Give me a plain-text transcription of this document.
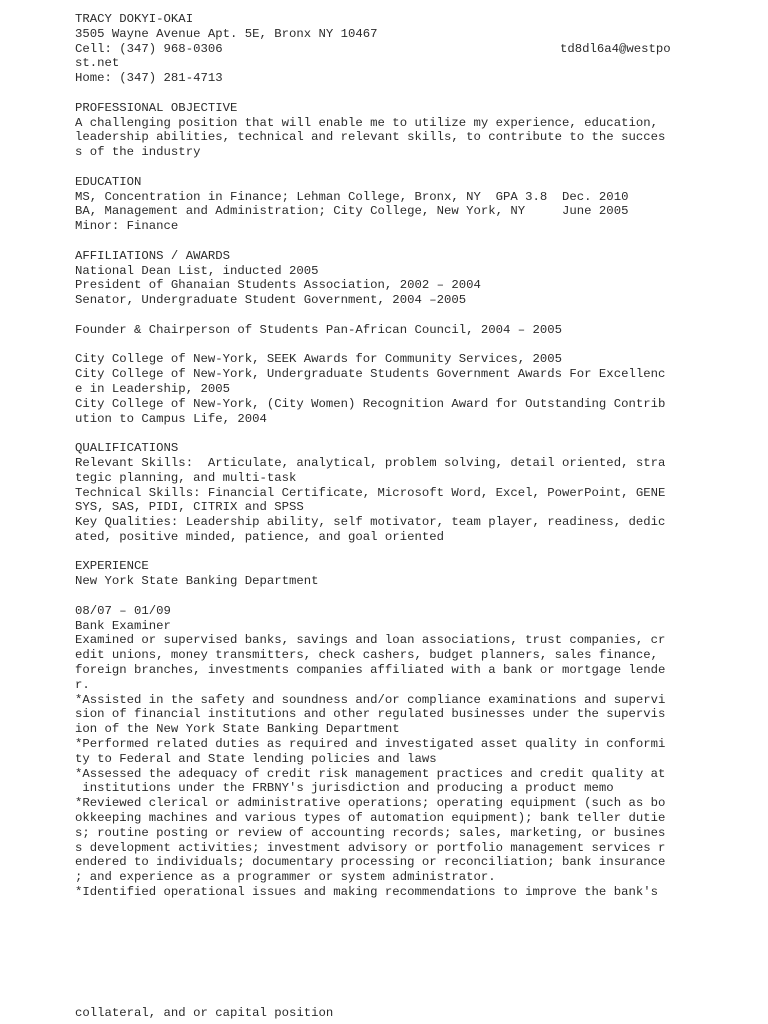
TRACY DOKYI-OKAI
3505 Wayne Avenue Apt. 5E, Bronx NY 10467
Cell: (347) 968-0306
st.net
Home: (347) 281-4713
PROFESSIONAL OBJECTIVE
A challenging position that will enable me to utilize my experience, education,
leadership abilities, technical and relevant skills, to contribute to the succes
s of the industry
EDUCATION
MS, Concentration in Finance; Lehman College, Bronx, NY  GPA 3.8  Dec. 2010
BA, Management and Administration; City College, New York, NY     June 2005
Minor: Finance
AFFILIATIONS / AWARDS
National Dean List, inducted 2005
President of Ghanaian Students Association, 2002 – 2004
Senator, Undergraduate Student Government, 2004 –2005
Founder & Chairperson of Students Pan-African Council, 2004 – 2005
City College of New-York, SEEK Awards for Community Services, 2005
City College of New-York, Undergraduate Students Government Awards For Excellenc
e in Leadership, 2005
City College of New-York, (City Women) Recognition Award for Outstanding Contrib
ution to Campus Life, 2004
QUALIFICATIONS
Relevant Skills:  Articulate, analytical, problem solving, detail oriented, stra
tegic planning, and multi-task
Technical Skills: Financial Certificate, Microsoft Word, Excel, PowerPoint, GENE
SYS, SAS, PIDI, CITRIX and SPSS
Key Qualities: Leadership ability, self motivator, team player, readiness, dedic
ated, positive minded, patience, and goal oriented
EXPERIENCE
New York State Banking Department
08/07 – 01/09
Bank Examiner
Examined or supervised banks, savings and loan associations, trust companies, cr
edit unions, money transmitters, check cashers, budget planners, sales finance,
foreign branches, investments companies affiliated with a bank or mortgage lende
r.
*Assisted in the safety and soundness and/or compliance examinations and supervi
sion of financial institutions and other regulated businesses under the supervis
ion of the New York State Banking Department
*Performed related duties as required and investigated asset quality in conformi
ty to Federal and State lending policies and laws
*Assessed the adequacy of credit risk management practices and credit quality at
institutions under the FRBNY's jurisdiction and producing a product memo
*Reviewed clerical or administrative operations; operating equipment (such as bo
okkeeping machines and various types of automation equipment); bank teller dutie
s; routine posting or review of accounting records; sales, marketing, or busines
s development activities; investment advisory or portfolio management services r
endered to individuals; documentary processing or reconciliation; bank insurance
; and experience as a programmer or system administrator.
*Identified operational issues and making recommendations to improve the bank's
td8dl6a4@westpo
collateral, and or capital position
